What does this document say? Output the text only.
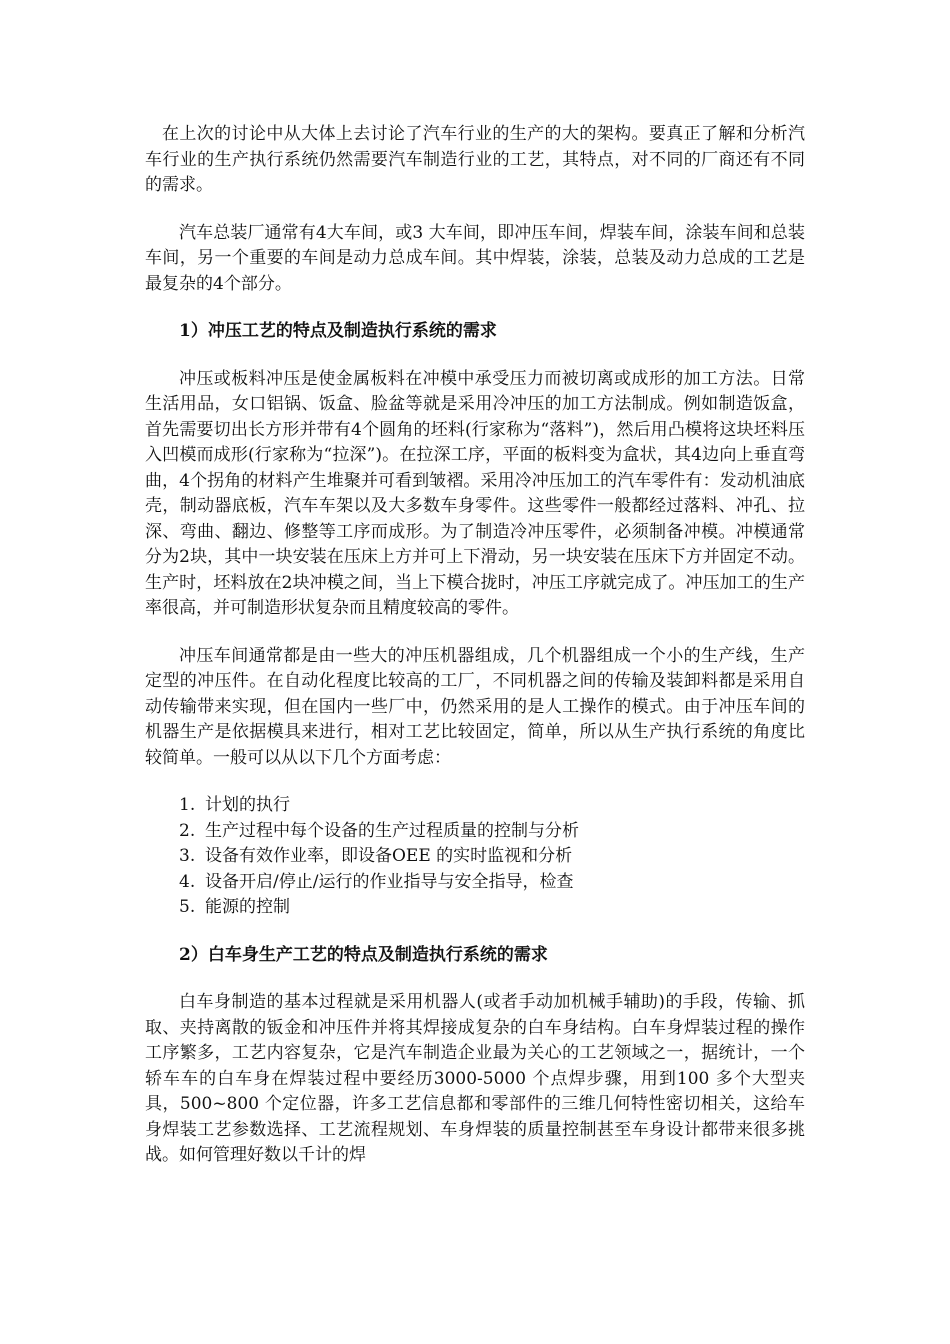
在上次的讨论中从大体上去讨论了汽车行业的生产的大的架构。要真正了解和分析汽车行业的生产执行系统仍然需要汽车制造行业的工艺，其特点，对不同的厂商还有不同的需求。

汽车总装厂通常有4大车间，或3 大车间，即冲压车间，焊装车间，涂装车间和总装车间，另一个重要的车间是动力总成车间。其中焊装，涂装，总装及动力总成的工艺是最复杂的4个部分。

1）冲压工艺的特点及制造执行系统的需求

冲压或板料冲压是使金属板料在冲模中承受压力而被切离或成形的加工方法。日常生活用品，女口铝锅、饭盒、脸盆等就是采用冷冲压的加工方法制成。例如制造饭盒，首先需要切出长方形并带有4个圆角的坯料(行家称为“落料”)，然后用凸模将这块坯料压入凹模而成形(行家称为“拉深”)。在拉深工序，平面的板料变为盒状，其4边向上垂直弯曲，4个拐角的材料产生堆聚并可看到皱褶。采用冷冲压加工的汽车零件有：发动机油底壳，制动器底板，汽车车架以及大多数车身零件。这些零件一般都经过落料、冲孔、拉深、弯曲、翻边、修整等工序而成形。为了制造冷冲压零件，必须制备冲模。冲模通常分为2块，其中一块安装在压床上方并可上下滑动，另一块安装在压床下方并固定不动。生产时，坯料放在2块冲模之间，当上下模合拢时，冲压工序就完成了。冲压加工的生产率很高，并可制造形状复杂而且精度较高的零件。

冲压车间通常都是由一些大的冲压机器组成，几个机器组成一个小的生产线，生产定型的冲压件。在自动化程度比较高的工厂，不同机器之间的传输及装卸料都是采用自动传输带来实现，但在国内一些厂中，仍然采用的是人工操作的模式。由于冲压车间的机器生产是依据模具来进行，相对工艺比较固定，简单，所以从生产执行系统的角度比较简单。一般可以从以下几个方面考虑：

1. 计划的执行
2. 生产过程中每个设备的生产过程质量的控制与分析
3. 设备有效作业率，即设备OEE 的实时监视和分析
4. 设备开启/停止/运行的作业指导与安全指导，检查
5. 能源的控制

2）白车身生产工艺的特点及制造执行系统的需求

白车身制造的基本过程就是采用机器人(或者手动加机械手辅助)的手段，传输、抓取、夹持离散的钣金和冲压件并将其焊接成复杂的白车身结构。白车身焊装过程的操作工序繁多，工艺内容复杂，它是汽车制造企业最为关心的工艺领域之一，据统计，一个轿车车的白车身在焊装过程中要经历3000-5000 个点焊步骤，用到100 多个大型夹具，500~800 个定位器，许多工艺信息都和零部件的三维几何特性密切相关，这给车身焊装工艺参数选择、工艺流程规划、车身焊装的质量控制甚至车身设计都带来很多挑战。如何管理好数以千计的焊
